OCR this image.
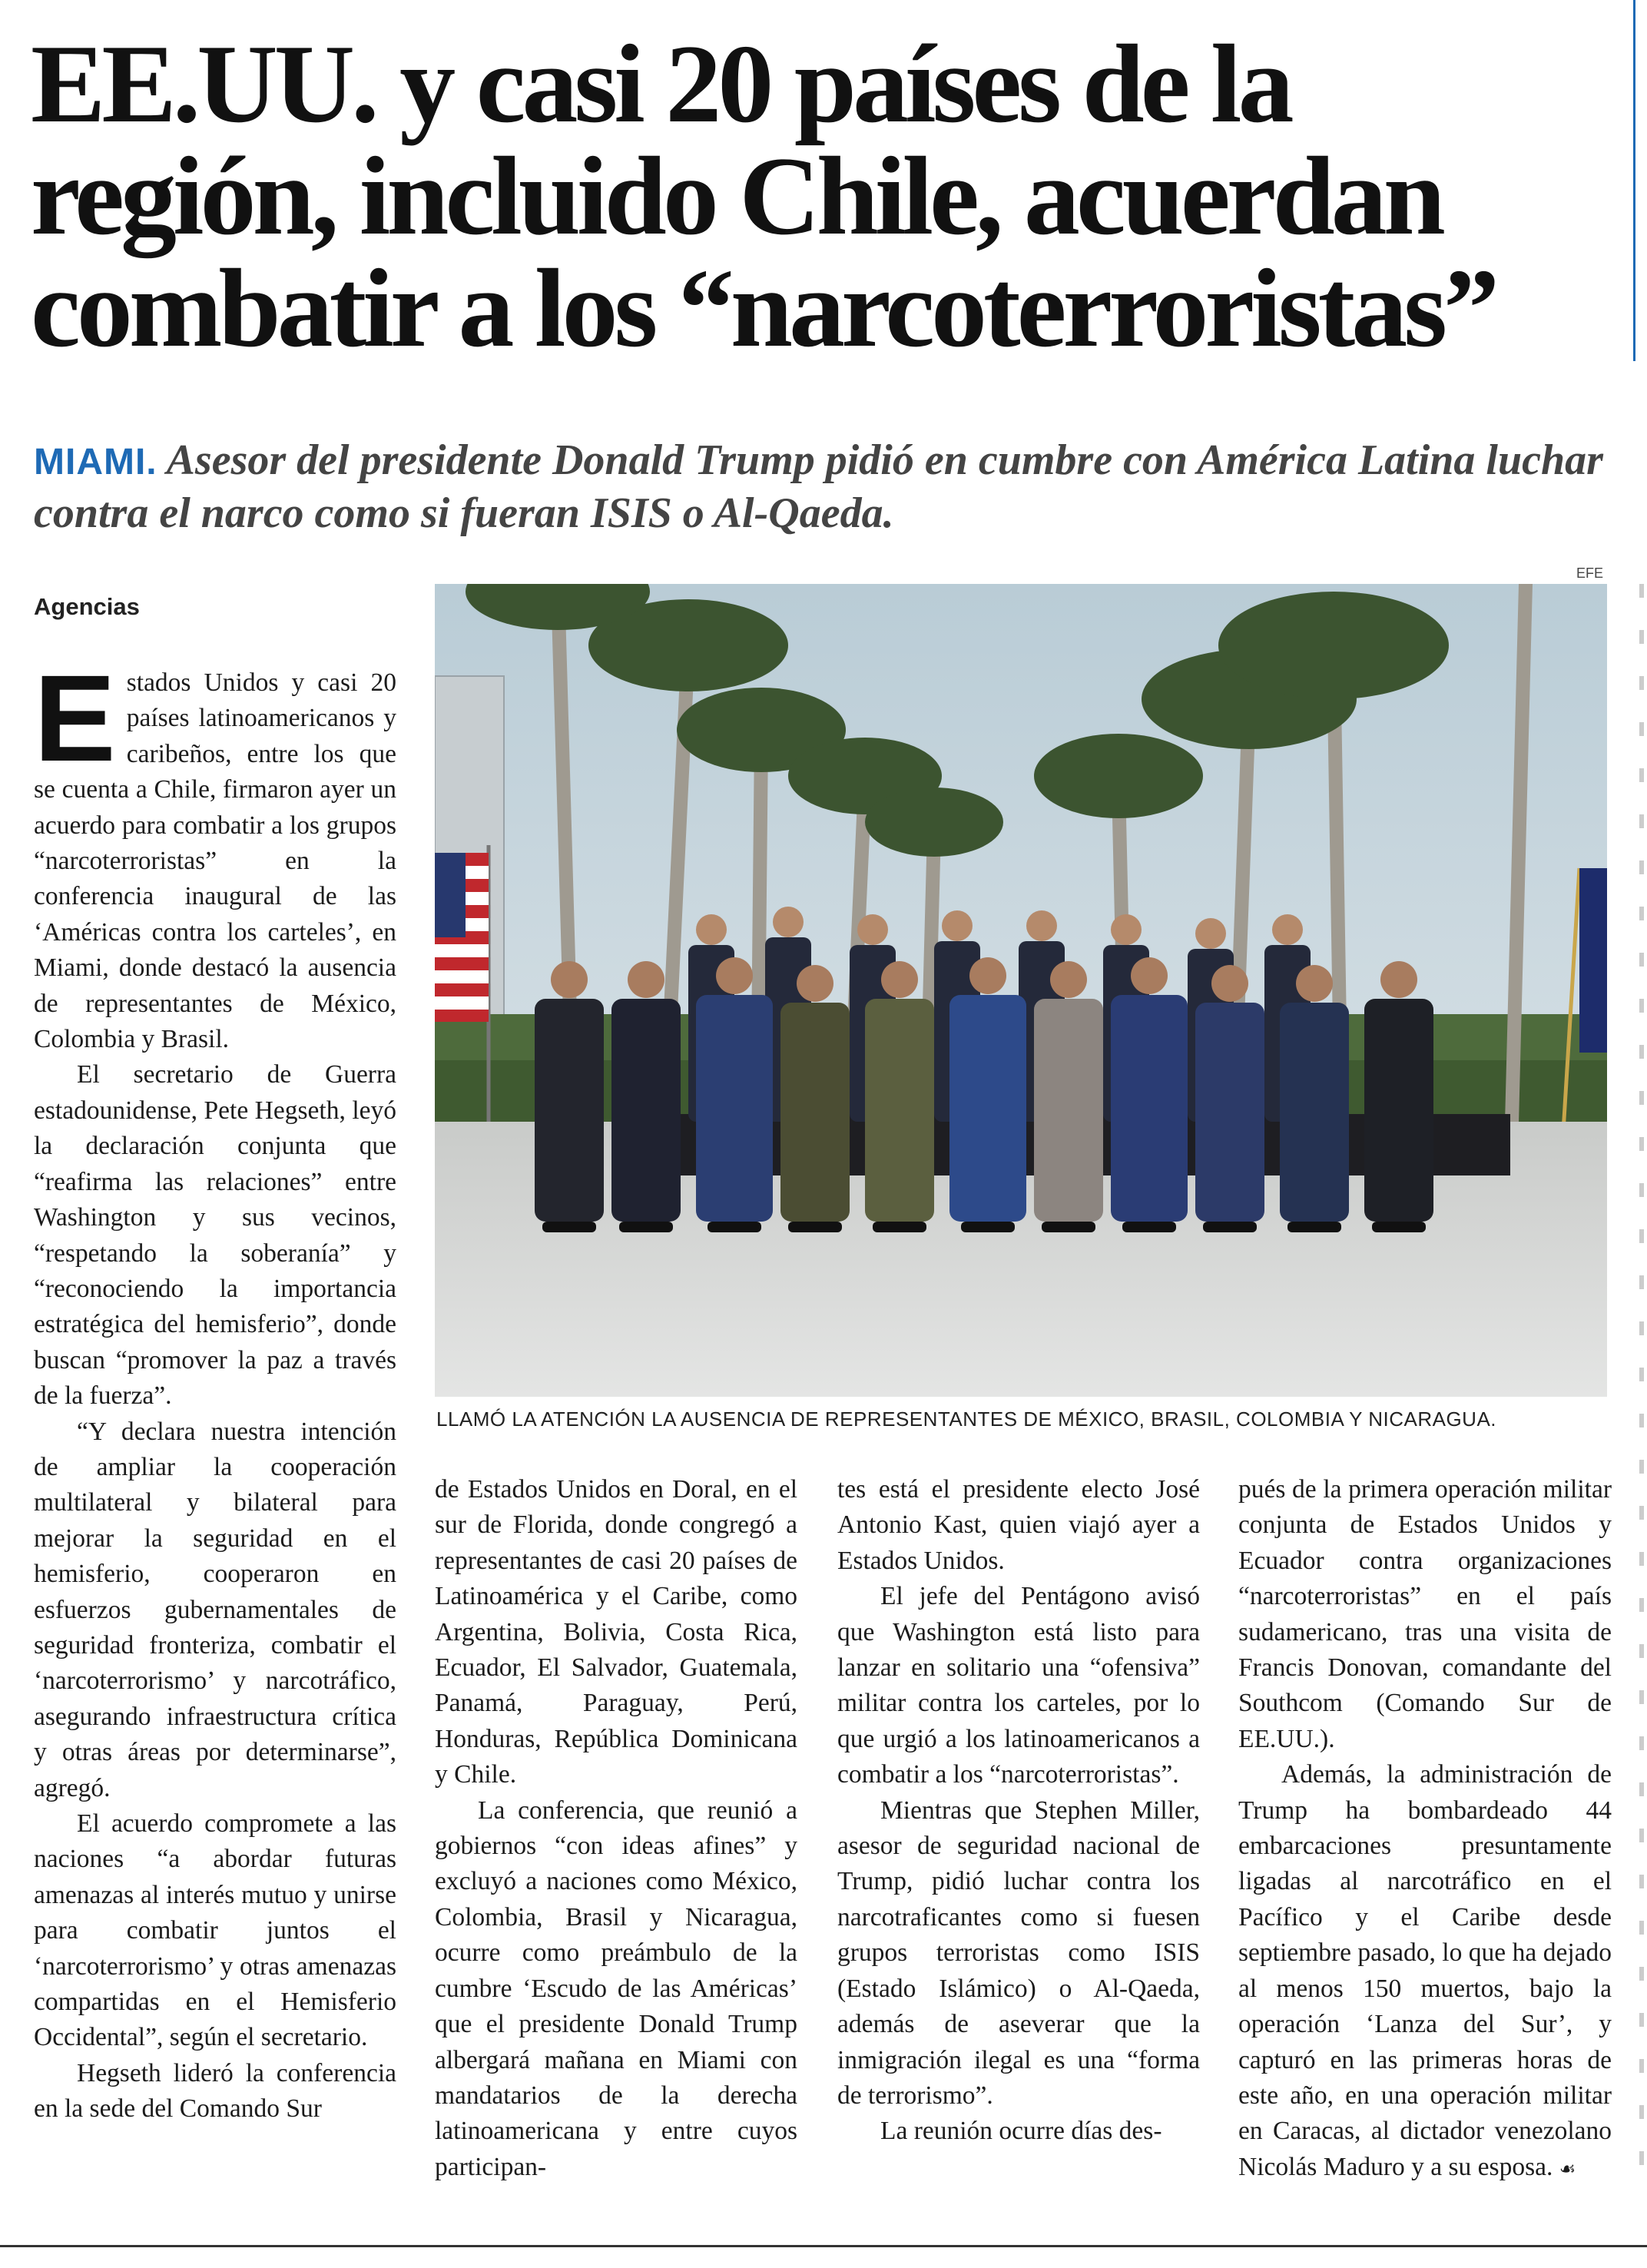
EE.UU. y casi 20 países de la
región, incluido Chile, acuerdan
combatir a los “narcoterroristas”
MIAMI. Asesor del presidente Donald Trump pidió en cumbre con América Latina luchar contra el narco como si fueran ISIS o Al-Qaeda.
Agencias
EFE
LLAMÓ LA ATENCIÓN LA AUSENCIA DE REPRESENTANTES DE MÉXICO, BRASIL, COLOMBIA Y NICARAGUA.

Estados Unidos y casi 20 países latinoamericanos y caribeños, entre los que se cuenta a Chile, firmaron ayer un acuerdo para combatir a los grupos “narcoterroristas” en la conferencia inaugural de las ‘Américas contra los carteles’, en Miami, donde destacó la ausencia de representantes de México, Colombia y Brasil.

El secretario de Guerra estadounidense, Pete Hegseth, leyó la declaración conjunta que “reafirma las relaciones” entre Washington y sus vecinos, “respetando la soberanía” y “reconociendo la importancia estratégica del hemisferio”, donde buscan “promover la paz a través de la fuerza”.

“Y declara nuestra intención de ampliar la cooperación multilateral y bilateral para mejorar la seguridad en el hemisferio, cooperaron en esfuerzos gubernamentales de seguridad fronteriza, combatir el ‘narcoterrorismo’ y narcotráfico, asegurando infraestructura crítica y otras áreas por determinarse”, agregó.

El acuerdo compromete a las naciones “a abordar futuras amenazas al interés mutuo y unirse para combatir juntos el ‘narcoterrorismo’ y otras amenazas compartidas en el Hemisferio Occidental”, según el secretario.

Hegseth lideró la conferencia en la sede del Comando Sur

de Estados Unidos en Doral, en el sur de Florida, donde congregó a representantes de casi 20 países de Latinoamérica y el Caribe, como Argentina, Bolivia, Costa Rica, Ecuador, El Salvador, Guatemala, Panamá, Paraguay, Perú, Honduras, República Dominicana y Chile.

La conferencia, que reunió a gobiernos “con ideas afines” y excluyó a naciones como México, Colombia, Brasil y Nicaragua, ocurre como preámbulo de la cumbre ‘Escudo de las Américas’ que el presidente Donald Trump albergará mañana en Miami con mandatarios de la derecha latinoamericana y entre cuyos participan-

tes está el presidente electo José Antonio Kast, quien viajó ayer a Estados Unidos.

El jefe del Pentágono avisó que Washington está listo para lanzar en solitario una “ofensiva” militar contra los carteles, por lo que urgió a los latinoamericanos a combatir a los “narcoterroristas”.

Mientras que Stephen Miller, asesor de seguridad nacional de Trump, pidió luchar contra los narcotraficantes como si fuesen grupos terroristas como ISIS (Estado Islámico) o Al-Qaeda, además de aseverar que la inmigración ilegal es una “forma de terrorismo”.

La reunión ocurre días des-

pués de la primera operación militar conjunta de Estados Unidos y Ecuador contra organizaciones “narcoterroristas” en el país sudamericano, tras una visita de Francis Donovan, comandante del Southcom (Comando Sur de EE.UU.).

Además, la administración de Trump ha bombardeado 44 embarcaciones presuntamente ligadas al narcotráfico en el Pacífico y el Caribe desde septiembre pasado, lo que ha dejado al menos 150 muertos, bajo la operación ‘Lanza del Sur’, y capturó en las primeras horas de este año, en una operación militar en Caracas, al dictador venezolano Nicolás Maduro y a su esposa. ☙
